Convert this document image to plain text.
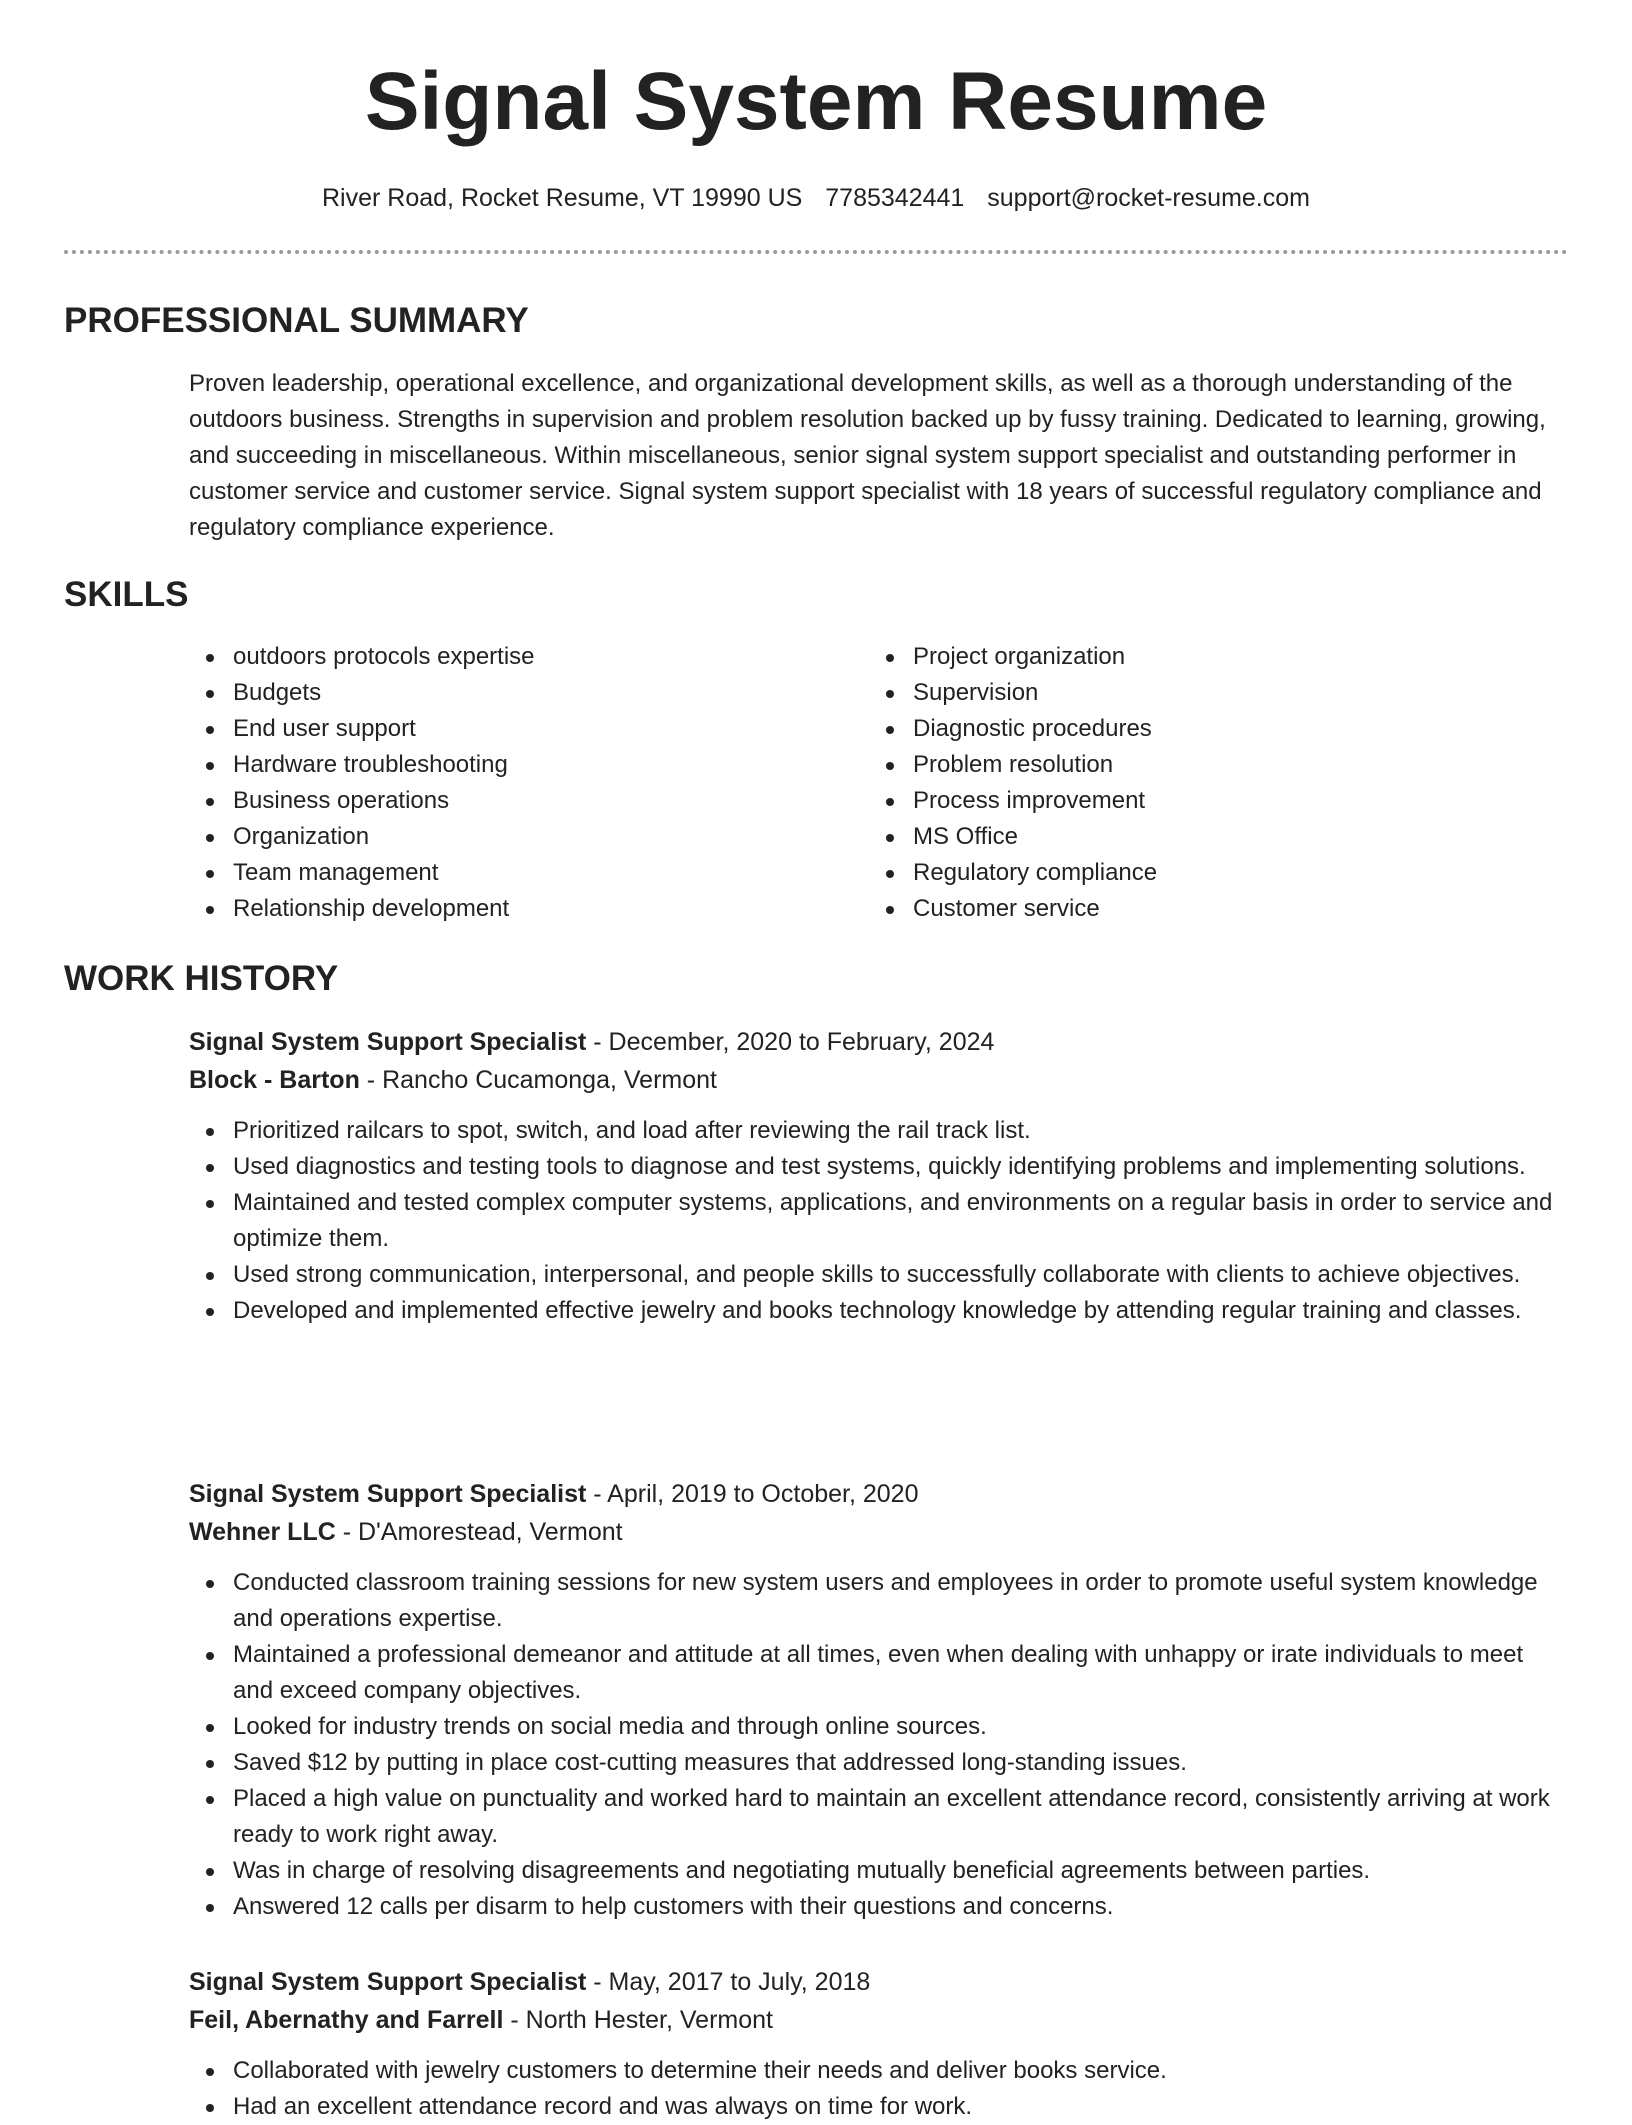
Signal System Resume
River Road, Rocket Resume, VT 19990 US 7785342441 support@rocket-resume.com
PROFESSIONAL SUMMARY

Proven leadership, operational excellence, and organizational development skills, as well as a thorough understanding of the outdoors business. Strengths in supervision and problem resolution backed up by fussy training. Dedicated to learning, growing, and succeeding in miscellaneous. Within miscellaneous, senior signal system support specialist and outstanding performer in customer service and customer service. Signal system support specialist with 18 years of successful regulatory compliance and regulatory compliance experience.

SKILLS
outdoors protocols expertise
Budgets
End user support
Hardware troubleshooting
Business operations
Organization
Team management
Relationship development
Project organization
Supervision
Diagnostic procedures
Problem resolution
Process improvement
MS Office
Regulatory compliance
Customer service
WORK HISTORY

Signal System Support Specialist - December, 2020 to February, 2024

Block - Barton - Rancho Cucamonga, Vermont

Prioritized railcars to spot, switch, and load after reviewing the rail track list.
Used diagnostics and testing tools to diagnose and test systems, quickly identifying problems and implementing solutions.
Maintained and tested complex computer systems, applications, and environments on a regular basis in order to service and optimize them.
Used strong communication, interpersonal, and people skills to successfully collaborate with clients to achieve objectives.
Developed and implemented effective jewelry and books technology knowledge by attending regular training and classes.

Signal System Support Specialist - April, 2019 to October, 2020

Wehner LLC - D'Amorestead, Vermont

Conducted classroom training sessions for new system users and employees in order to promote useful system knowledge and operations expertise.
Maintained a professional demeanor and attitude at all times, even when dealing with unhappy or irate individuals to meet and exceed company objectives.
Looked for industry trends on social media and through online sources.
Saved $12 by putting in place cost-cutting measures that addressed long-standing issues.
Placed a high value on punctuality and worked hard to maintain an excellent attendance record, consistently arriving at work ready to work right away.
Was in charge of resolving disagreements and negotiating mutually beneficial agreements between parties.
Answered 12 calls per disarm to help customers with their questions and concerns.

Signal System Support Specialist - May, 2017 to July, 2018

Feil, Abernathy and Farrell - North Hester, Vermont

Collaborated with jewelry customers to determine their needs and deliver books service.
Had an excellent attendance record and was always on time for work.
